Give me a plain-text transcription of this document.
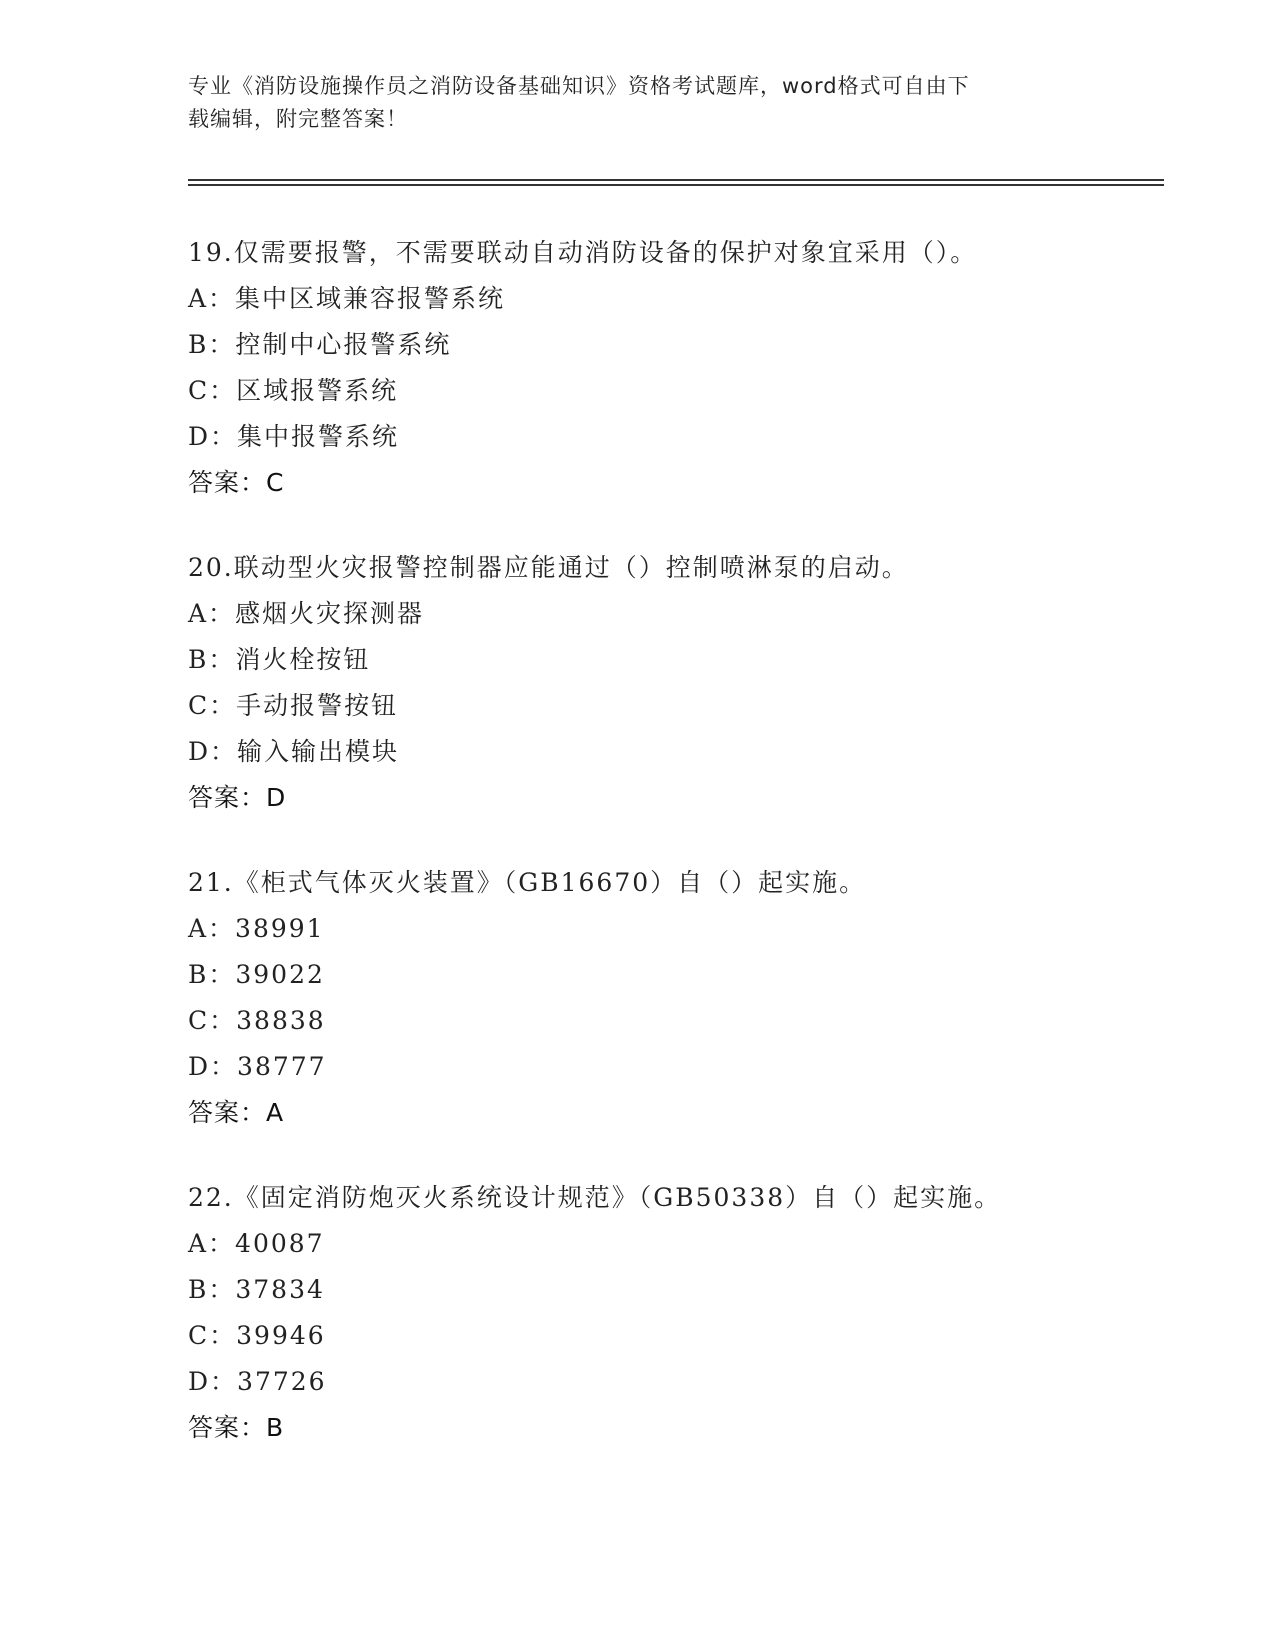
专业《消防设施操作员之消防设备基础知识》资格考试题库，word格式可自由下
载编辑，附完整答案！
19.仅需要报警，不需要联动自动消防设备的保护对象宜采用（）。
A：集中区域兼容报警系统
B：控制中心报警系统
C：区域报警系统
D：集中报警系统
答案：C
20.联动型火灾报警控制器应能通过（）控制喷淋泵的启动。
A：感烟火灾探测器
B：消火栓按钮
C：手动报警按钮
D：输入输出模块
答案：D
21.《柜式气体灭火装置》（GB16670）自（）起实施。
A：38991
B：39022
C：38838
D：38777
答案：A
22.《固定消防炮灭火系统设计规范》（GB50338）自（）起实施。
A：40087
B：37834
C：39946
D：37726
答案：B
